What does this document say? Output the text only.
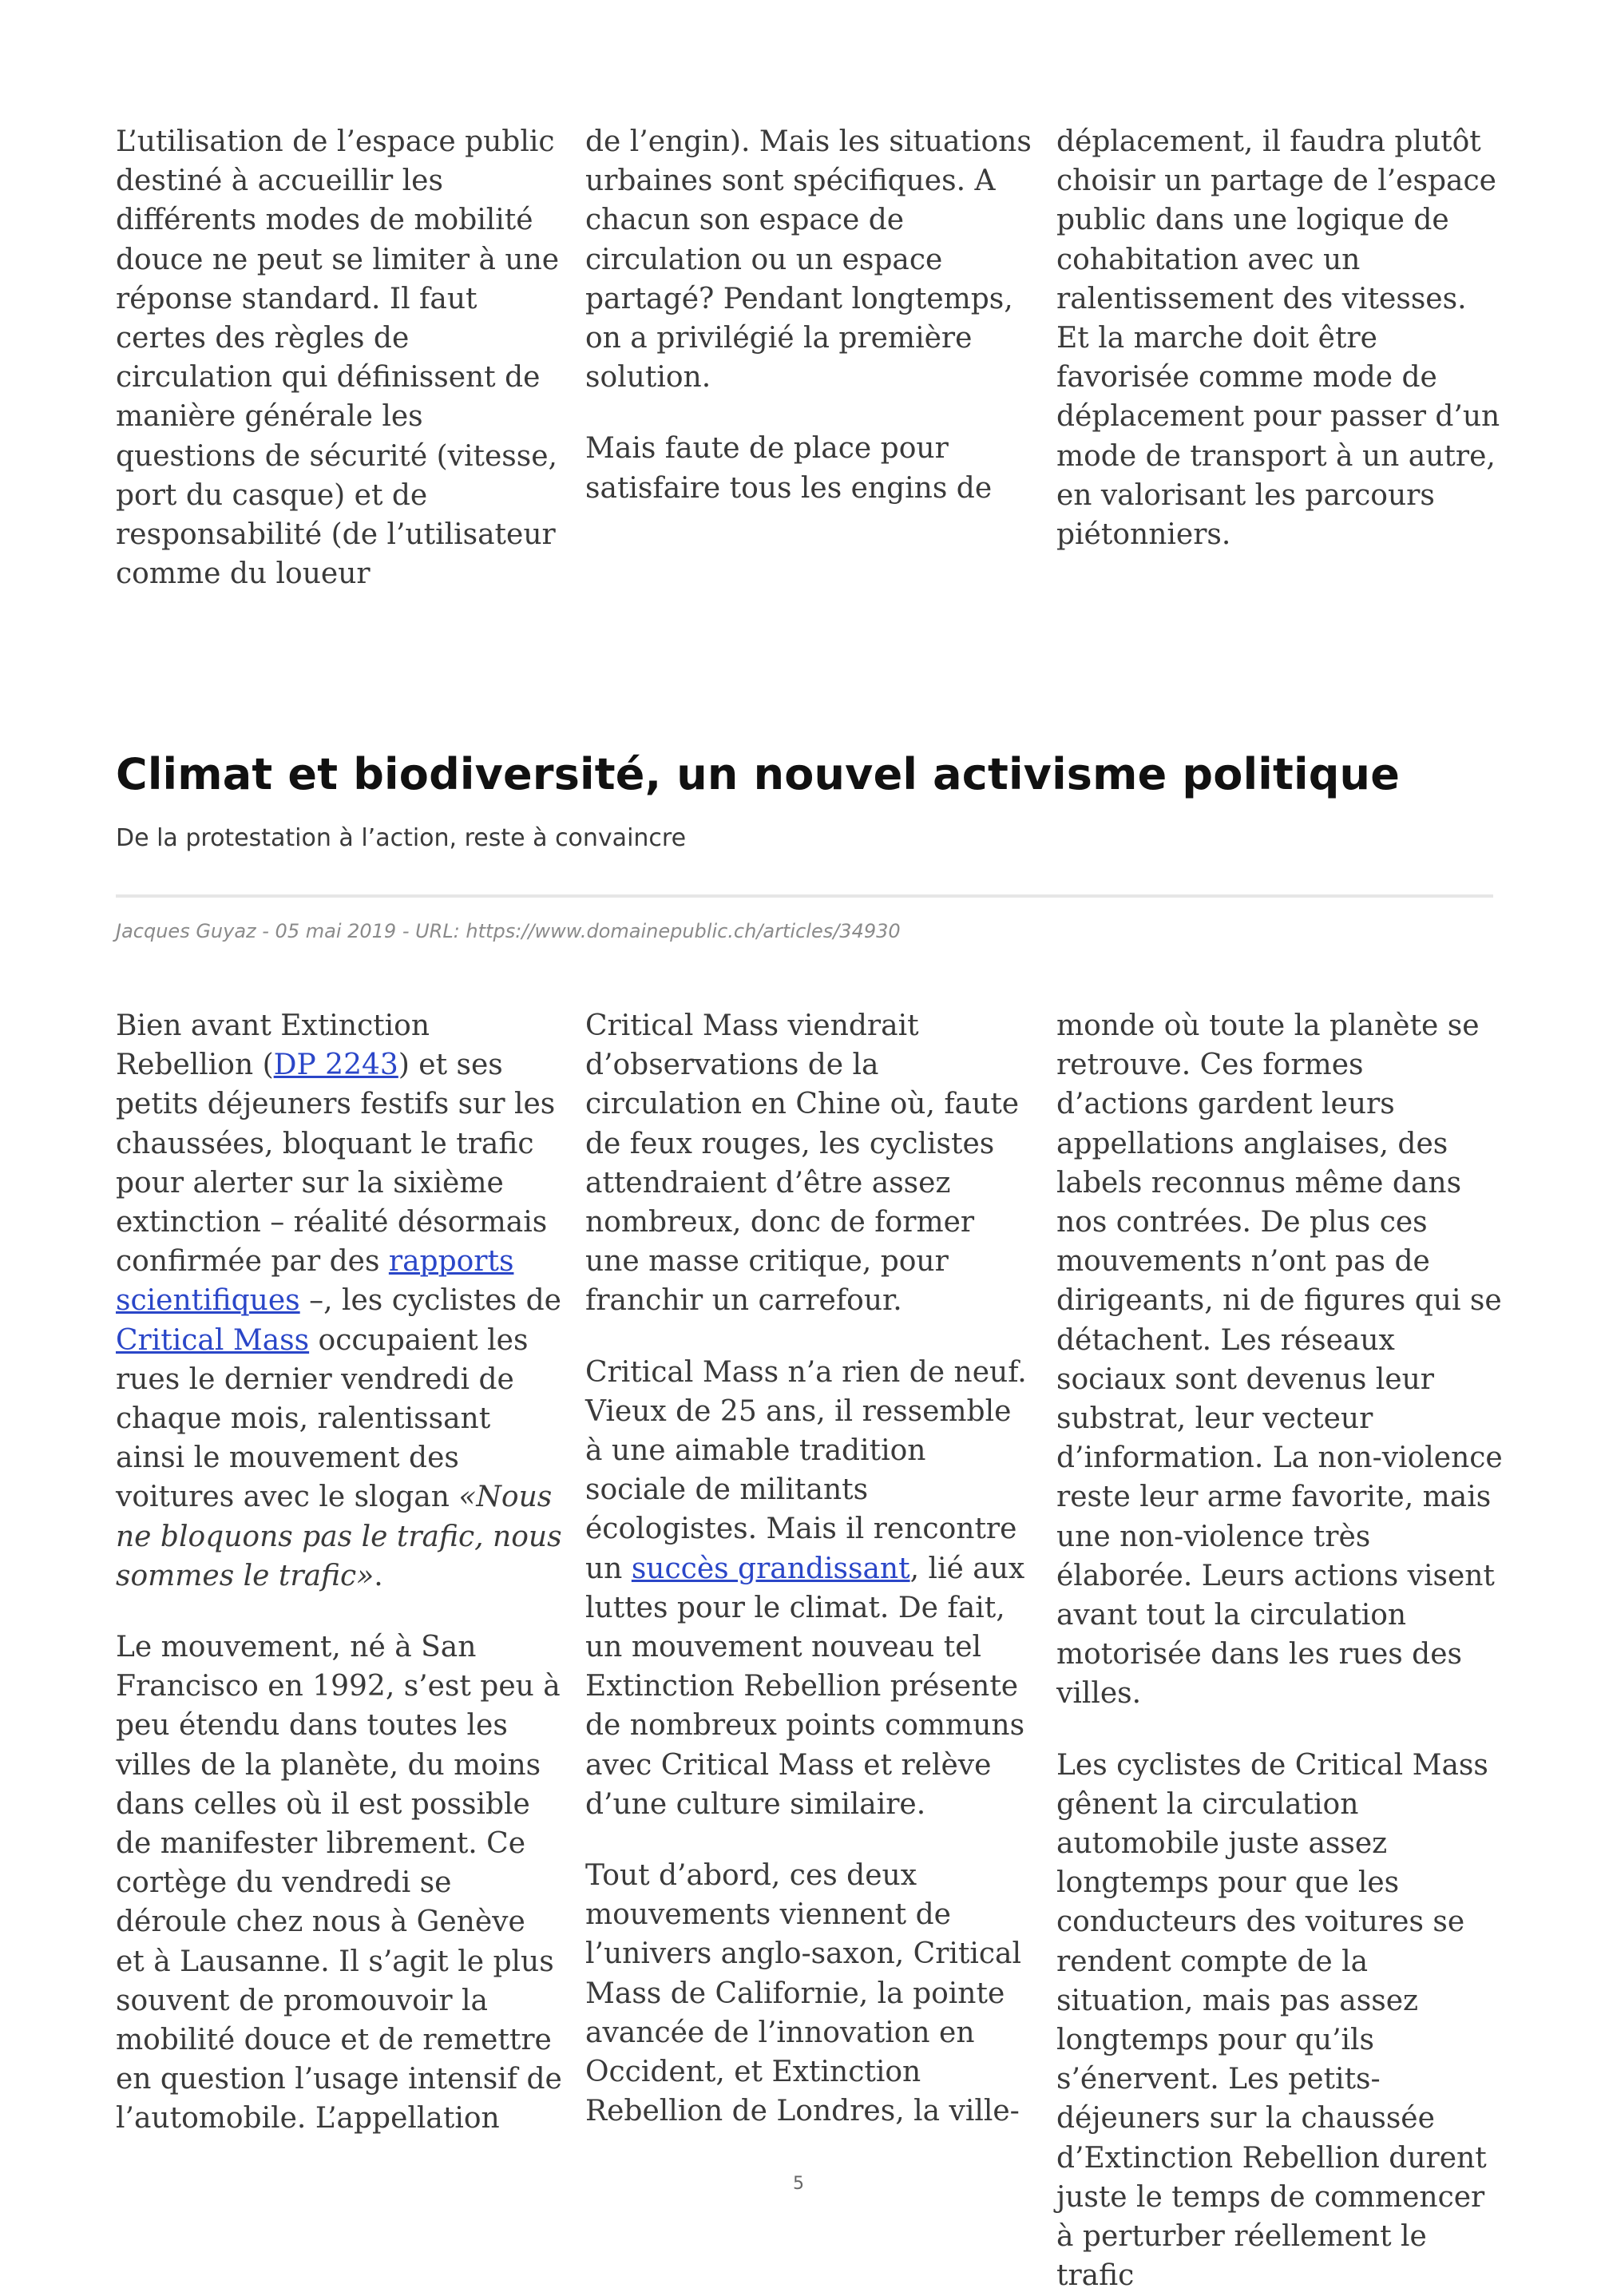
L’utilisation de l’espace public destiné à accueillir les différents modes de mobilité douce ne peut se limiter à une réponse standard. Il faut certes des règles de circulation qui définissent de manière générale les questions de sécurité (vitesse, port du casque) et de responsabilité (de l’utilisateur comme du loueur

de l’engin). Mais les situations urbaines sont spécifiques. A chacun son espace de circulation ou un espace partagé? Pendant longtemps, on a privilégié la première solution.

Mais faute de place pour satisfaire tous les engins de

déplacement, il faudra plutôt choisir un partage de l’espace public dans une logique de cohabitation avec un ralentissement des vitesses. Et la marche doit être favorisée comme mode de déplacement pour passer d’un mode de transport à un autre, en valorisant les parcours piétonniers.

Climat et biodiversité, un nouvel activisme politique
De la protestation à l’action, reste à convaincre
Jacques Guyaz - 05 mai 2019 - URL: https://www.domainepublic.ch/articles/34930

Bien avant Extinction Rebellion (DP 2243) et ses petits déjeuners festifs sur les chaussées, bloquant le trafic pour alerter sur la sixième extinction – réalité désormais confirmée par des rapports scientifiques –, les cyclistes de Critical Mass occupaient les rues le dernier vendredi de chaque mois, ralentissant ainsi le mouvement des voitures avec le slogan «Nous ne bloquons pas le trafic, nous sommes le trafic».

Le mouvement, né à San Francisco en 1992, s’est peu à peu étendu dans toutes les villes de la planète, du moins dans celles où il est possible de manifester librement. Ce cortège du vendredi se déroule chez nous à Genève et à Lausanne. Il s’agit le plus souvent de promouvoir la mobilité douce et de remettre en question l’usage intensif de l’automobile. L’appellation

Critical Mass viendrait d’observations de la circulation en Chine où, faute de feux rouges, les cyclistes attendraient d’être assez nombreux, donc de former une masse critique, pour franchir un carrefour.

Critical Mass n’a rien de neuf. Vieux de 25 ans, il ressemble à une aimable tradition sociale de militants écologistes. Mais il rencontre un succès grandissant, lié aux luttes pour le climat. De fait, un mouvement nouveau tel Extinction Rebellion présente de nombreux points communs avec Critical Mass et relève d’une culture similaire.

Tout d’abord, ces deux mouvements viennent de l’univers anglo-saxon, Critical Mass de Californie, la pointe avancée de l’innovation en Occident, et Extinction Rebellion de Londres, la ville-

monde où toute la planète se retrouve. Ces formes d’actions gardent leurs appellations anglaises, des labels reconnus même dans nos contrées. De plus ces mouvements n’ont pas de dirigeants, ni de figures qui se détachent. Les réseaux sociaux sont devenus leur substrat, leur vecteur d’information. La non-violence reste leur arme favorite, mais une non-violence très élaborée. Leurs actions visent avant tout la circulation motorisée dans les rues des villes.

Les cyclistes de Critical Mass gênent la circulation automobile juste assez longtemps pour que les conducteurs des voitures se rendent compte de la situation, mais pas assez longtemps pour qu’ils s’énervent. Les petits-déjeuners sur la chaussée d’Extinction Rebellion durent juste le temps de commencer à perturber réellement le trafic

5
